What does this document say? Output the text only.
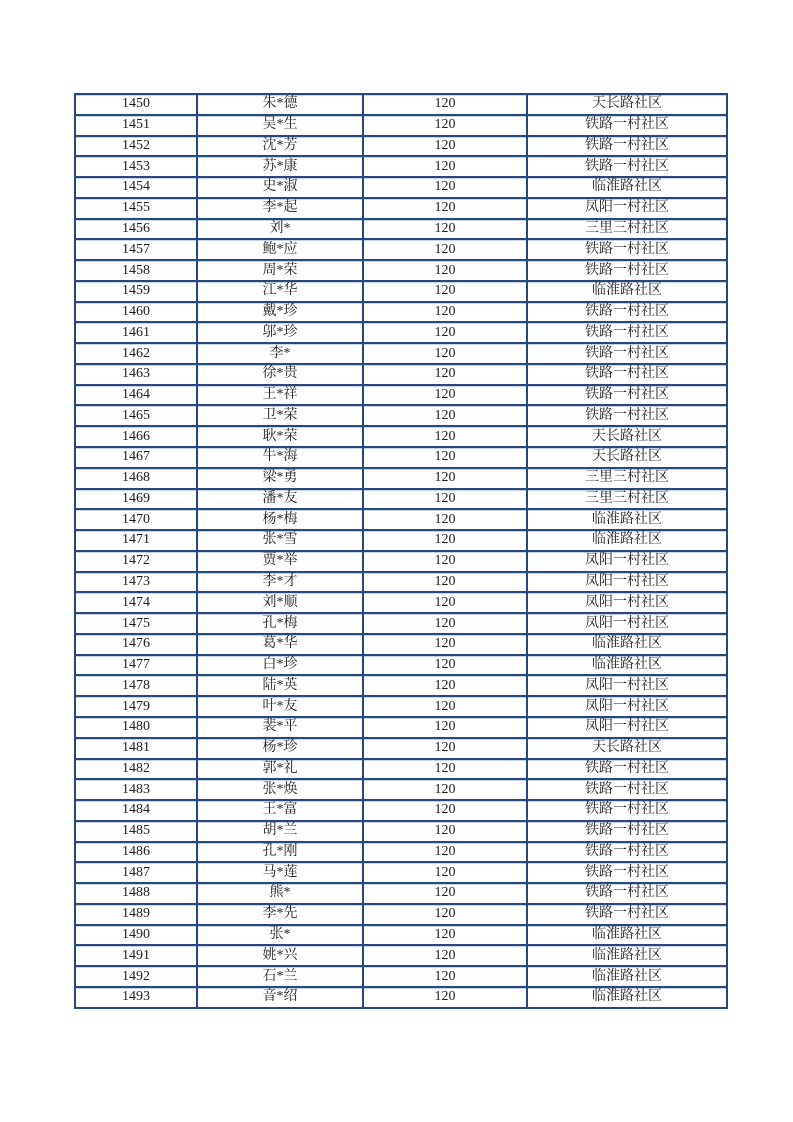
1450	朱*德	120	天长路社区
1451	吴*生	120	铁路一村社区
1452	沈*芳	120	铁路一村社区
1453	苏*康	120	铁路一村社区
1454	史*淑	120	临淮路社区
1455	李*起	120	凤阳一村社区
1456	刘*	120	三里三村社区
1457	鲍*应	120	铁路一村社区
1458	周*荣	120	铁路一村社区
1459	江*华	120	临淮路社区
1460	戴*珍	120	铁路一村社区
1461	邬*珍	120	铁路一村社区
1462	李*	120	铁路一村社区
1463	徐*贵	120	铁路一村社区
1464	王*祥	120	铁路一村社区
1465	卫*荣	120	铁路一村社区
1466	耿*荣	120	天长路社区
1467	牛*海	120	天长路社区
1468	梁*勇	120	三里三村社区
1469	潘*友	120	三里三村社区
1470	杨*梅	120	临淮路社区
1471	张*雪	120	临淮路社区
1472	贾*举	120	凤阳一村社区
1473	李*才	120	凤阳一村社区
1474	刘*顺	120	凤阳一村社区
1475	孔*梅	120	凤阳一村社区
1476	葛*华	120	临淮路社区
1477	白*珍	120	临淮路社区
1478	陆*英	120	凤阳一村社区
1479	叶*友	120	凤阳一村社区
1480	裴*平	120	凤阳一村社区
1481	杨*珍	120	天长路社区
1482	郭*礼	120	铁路一村社区
1483	张*焕	120	铁路一村社区
1484	王*富	120	铁路一村社区
1485	胡*兰	120	铁路一村社区
1486	孔*刚	120	铁路一村社区
1487	马*莲	120	铁路一村社区
1488	熊*	120	铁路一村社区
1489	李*先	120	铁路一村社区
1490	张*	120	临淮路社区
1491	姚*兴	120	临淮路社区
1492	石*兰	120	临淮路社区
1493	音*绍	120	临淮路社区
